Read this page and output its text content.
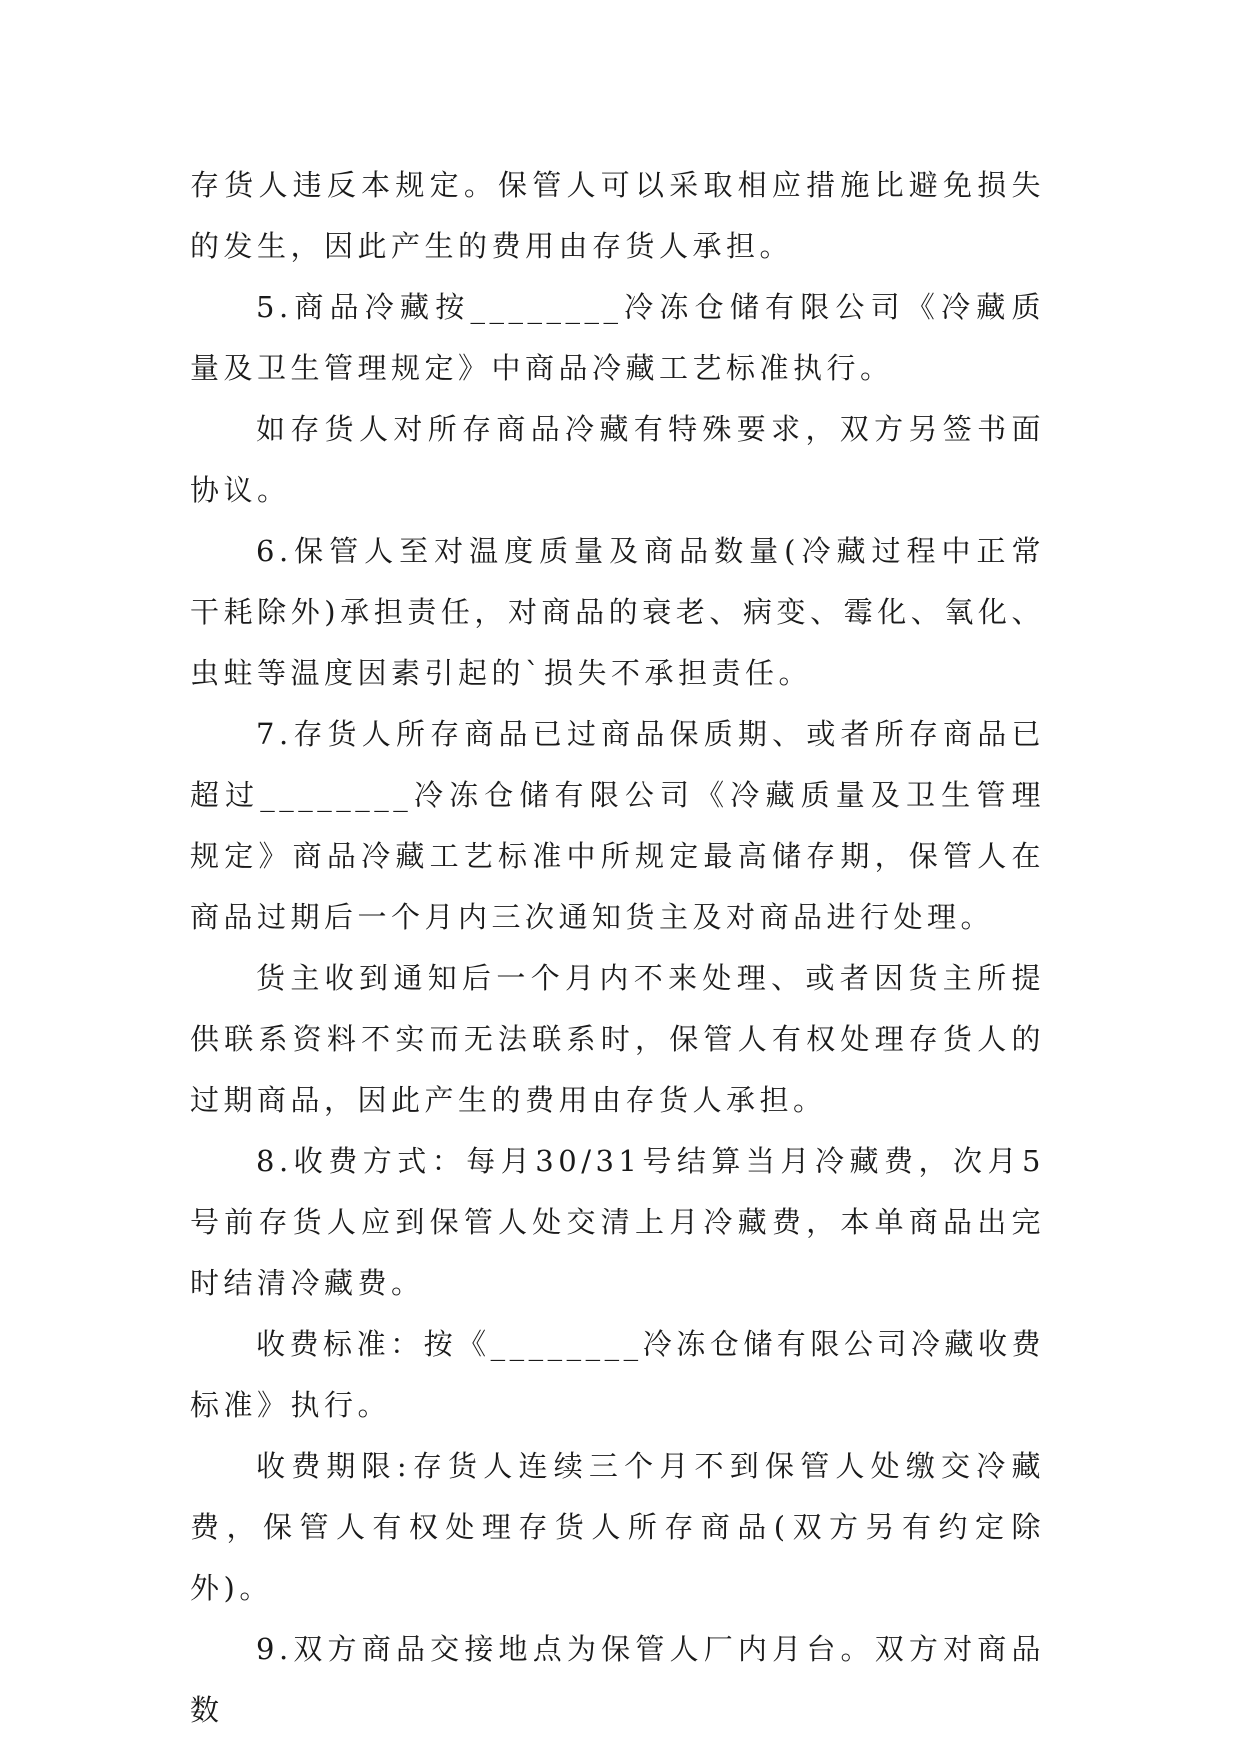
存货人违反本规定。保管人可以采取相应措施比避免损失的发生，因此产生的费用由存货人承担。

5.商品冷藏按________冷冻仓储有限公司《冷藏质量及卫生管理规定》中商品冷藏工艺标准执行。

如存货人对所存商品冷藏有特殊要求，双方另签书面协议。

6.保管人至对温度质量及商品数量(冷藏过程中正常干耗除外)承担责任，对商品的衰老、病变、霉化、氧化、虫蛀等温度因素引起的`损失不承担责任。

7.存货人所存商品已过商品保质期、或者所存商品已超过________冷冻仓储有限公司《冷藏质量及卫生管理规定》商品冷藏工艺标准中所规定最高储存期，保管人在商品过期后一个月内三次通知货主及对商品进行处理。

货主收到通知后一个月内不来处理、或者因货主所提供联系资料不实而无法联系时，保管人有权处理存货人的过期商品，因此产生的费用由存货人承担。

8.收费方式：每月30/31号结算当月冷藏费，次月5号前存货人应到保管人处交清上月冷藏费，本单商品出完时结清冷藏费。

收费标准：按《________冷冻仓储有限公司冷藏收费标准》执行。

收费期限:存货人连续三个月不到保管人处缴交冷藏费，保管人有权处理存货人所存商品(双方另有约定除外)。

9.双方商品交接地点为保管人厂内月台。双方对商品数
